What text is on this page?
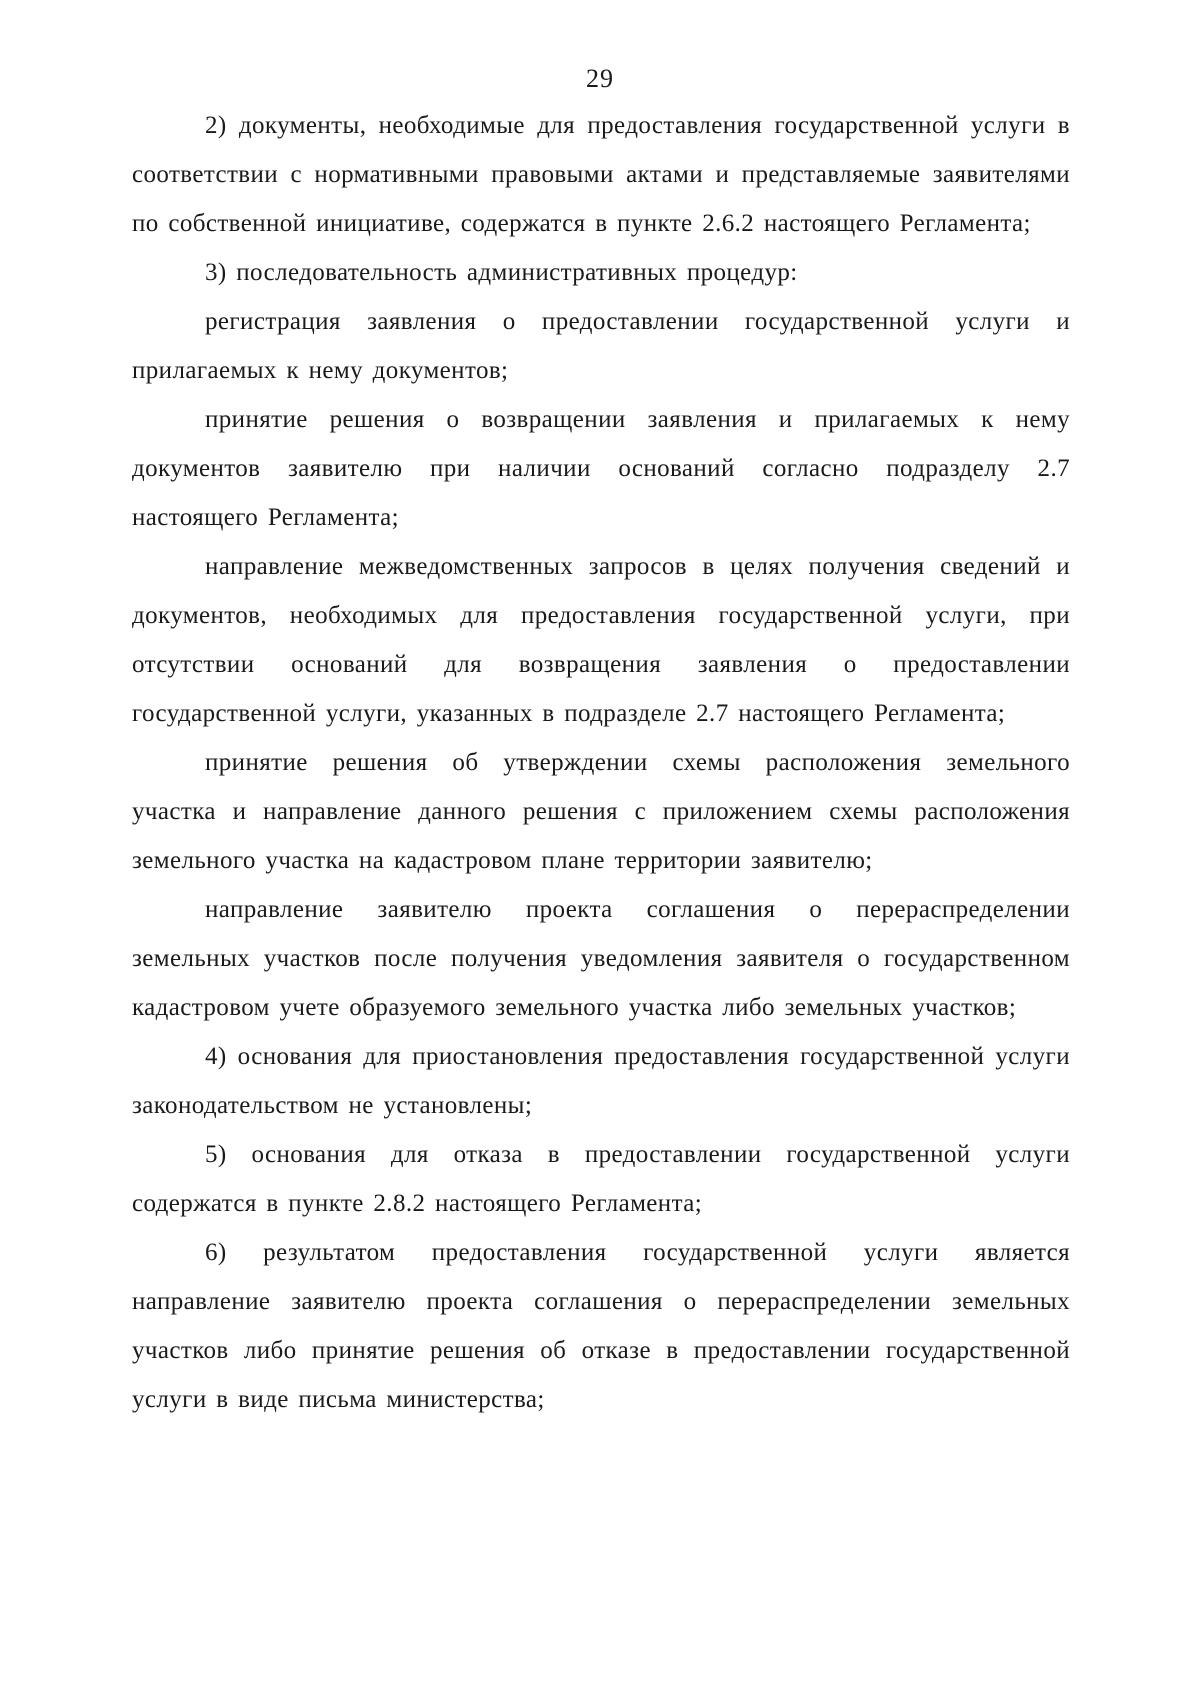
29

2) документы, необходимые для предоставления государственной услуги в соответствии с нормативными правовыми актами и представляемые заявителями по собственной инициативе, содержатся в пункте 2.6.2 настоящего Регламента;

3) последовательность административных процедур:

регистрация заявления о предоставлении государственной услуги и прилагаемых к нему документов;

принятие решения о возвращении заявления и прилагаемых к нему документов заявителю при наличии оснований согласно подразделу 2.7 настоящего Регламента;

направление межведомственных запросов в целях получения сведений и документов, необходимых для предоставления государственной услуги, при отсутствии оснований для возвращения заявления о предоставлении государственной услуги, указанных в подразделе 2.7 настоящего Регламента;

принятие решения об утверждении схемы расположения земельного участка и направление данного решения с приложением схемы расположения земельного участка на кадастровом плане территории заявителю;

направление заявителю проекта соглашения о перераспределении земельных участков после получения уведомления заявителя о государственном кадастровом учете образуемого земельного участка либо земельных участков;

4) основания для приостановления предоставления государственной услуги законодательством не установлены;

5) основания для отказа в предоставлении государственной услуги содержатся в пункте 2.8.2 настоящего Регламента;

6) результатом предоставления государственной услуги является направление заявителю проекта соглашения о перераспределении земельных участков либо принятие решения об отказе в предоставлении государственной услуги в виде письма министерства;
